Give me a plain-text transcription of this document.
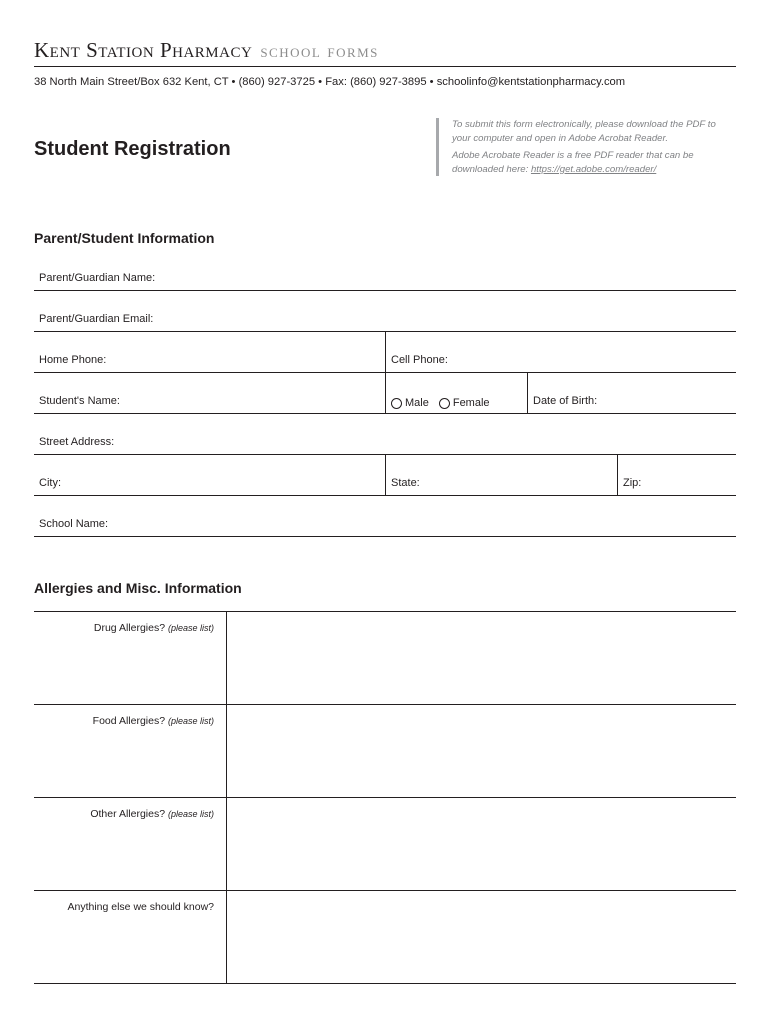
Kent Station Pharmacy school forms
38 North Main Street/Box 632 Kent, CT • (860) 927-3725 • Fax: (860) 927-3895 • schoolinfo@kentstationpharmacy.com
Student Registration

To submit this form electronically, please download the PDF to your computer and open in Adobe Acrobat Reader.

Adobe Acrobate Reader is a free PDF reader that can be downloaded here: https://get.adobe.com/reader/

Parent/Student Information
Parent/Guardian Name:
Parent/Guardian Email:
Home Phone:	Cell Phone:
Student's Name:	Male Female	Date of Birth:
Street Address:
City:	State:	Zip:
School Name:
Allergies and Misc. Information
Drug Allergies? (please list)
Food Allergies? (please list)
Other Allergies? (please list)
Anything else we should know?
